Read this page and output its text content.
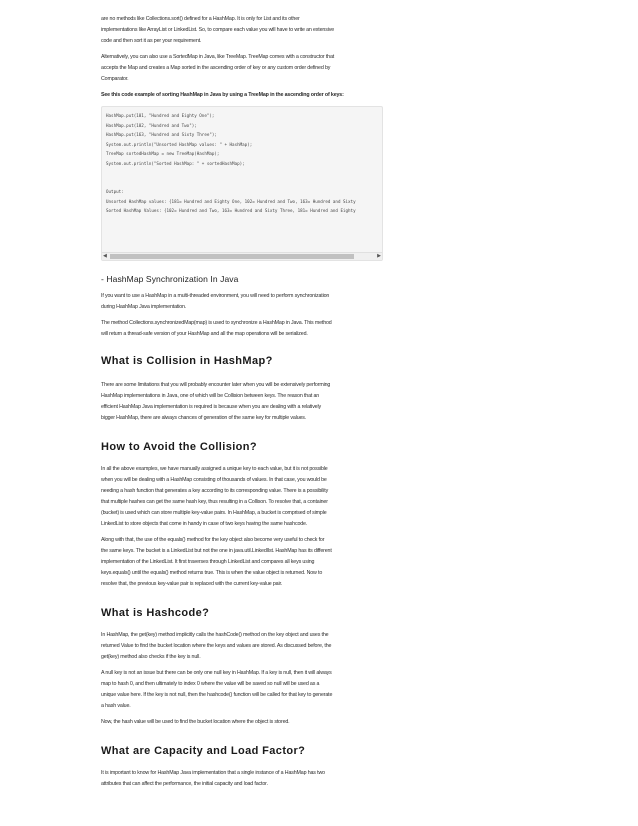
are no methods like Collections.sort() defined for a HashMap. It is only for List and its other

implementations like ArrayList or LinkedList. So, to compare each value you will have to write an extensive

code and then sort it as per your requirement.

Alternatively, you can also use a SortedMap in Java, like TreeMap. TreeMap comes with a constructor that

accepts the Map and creates a Map sorted in the ascending order of key or any custom order defined by

Comparator.

See this code example of sorting HashMap in Java by using a TreeMap in the ascending order of keys:

HashMap.put(101, "Hundred and Eighty One");
HashMap.put(102, "Hundred and Two");
HashMap.put(163, "Hundred and Sixty Three");
System.out.println("Unsorted HashMap values: " + HashMap);
TreeMap sortedHashMap = new TreeMap(HashMap);
System.out.println("Sorted HashMap: " + sortedHashMap);

Output:
Unsorted HashMap values: {181= Hundred and Eighty One, 102= Hundred and Two, 163= Hundred and Sixty
Sorted HashMap Values: {102= Hundred and Two, 163= Hundred and Sixty Three, 181= Hundred and Eighty
◀	▶
- HashMap Synchronization In Java

If you want to use a HashMap in a multi-threaded environment, you will need to perform synchronization

during HashMap Java implementation.

The method Collections.synchronizedMap(map) is used to synchronize a HashMap in Java. This method

will return a thread-safe version of your HashMap and all the map operations will be serialized.

What is Collision in HashMap?

There are some limitations that you will probably encounter later when you will be extensively performing

HashMap implementations in Java, one of which will be Collision between keys. The reason that an

efficient HashMap Java implementation is required is because when you are dealing with a relatively

bigger HashMap, there are always chances of generation of the same key for multiple values.

How to Avoid the Collision?

In all the above examples, we have manually assigned a unique key to each value, but it is not possible

when you will be dealing with a HashMap consisting of thousands of values. In that case, you would be

needing a hash function that generates a key according to its corresponding value. There is a possibility

that multiple hashes can get the same hash key, thus resulting in a Collison. To resolve that, a container

(bucket) is used which can store multiple key-value pairs. In HashMap, a bucket is comprised of simple

LinkedList to store objects that come in handy in case of two keys having the same hashcode.

Along with that, the use of the equals() method for the key object also become very useful to check for

the same keys. The bucket is a LinkedList but not the one in java.util.LinkedlIst. HashMap has its different

implementation of the LinkedList. It first traverses through LinkedList and compares all keys using

keys.equals() until the equals() method returns true. This is when the value object is returned. Now to

resolve that, the previous key-value pair is replaced with the current key-value pair.

What is Hashcode?

In HashMap, the get(key) method implicitly calls the hashCode() method on the key object and uses the

returned Value to find the bucket location where the keys and values are stored. As discussed before, the

get(key) method also checks if the key is null.

A null key is not an issue but there can be only one null key in HashMap. If a key is null, then it will always

map to hash 0, and then ultimately to index 0 where the value will be saved so null will be used as a

unique value here. If the key is not null, then the hashcode() function will be called for that key to generate

a hash value.

Now, the hash value will be used to find the bucket location where the object is stored.

What are Capacity and Load Factor?

It is important to know for HashMap Java implementation that a single instance of a HashMap has two

attributes that can affect the performance, the initial capacity and load factor.
